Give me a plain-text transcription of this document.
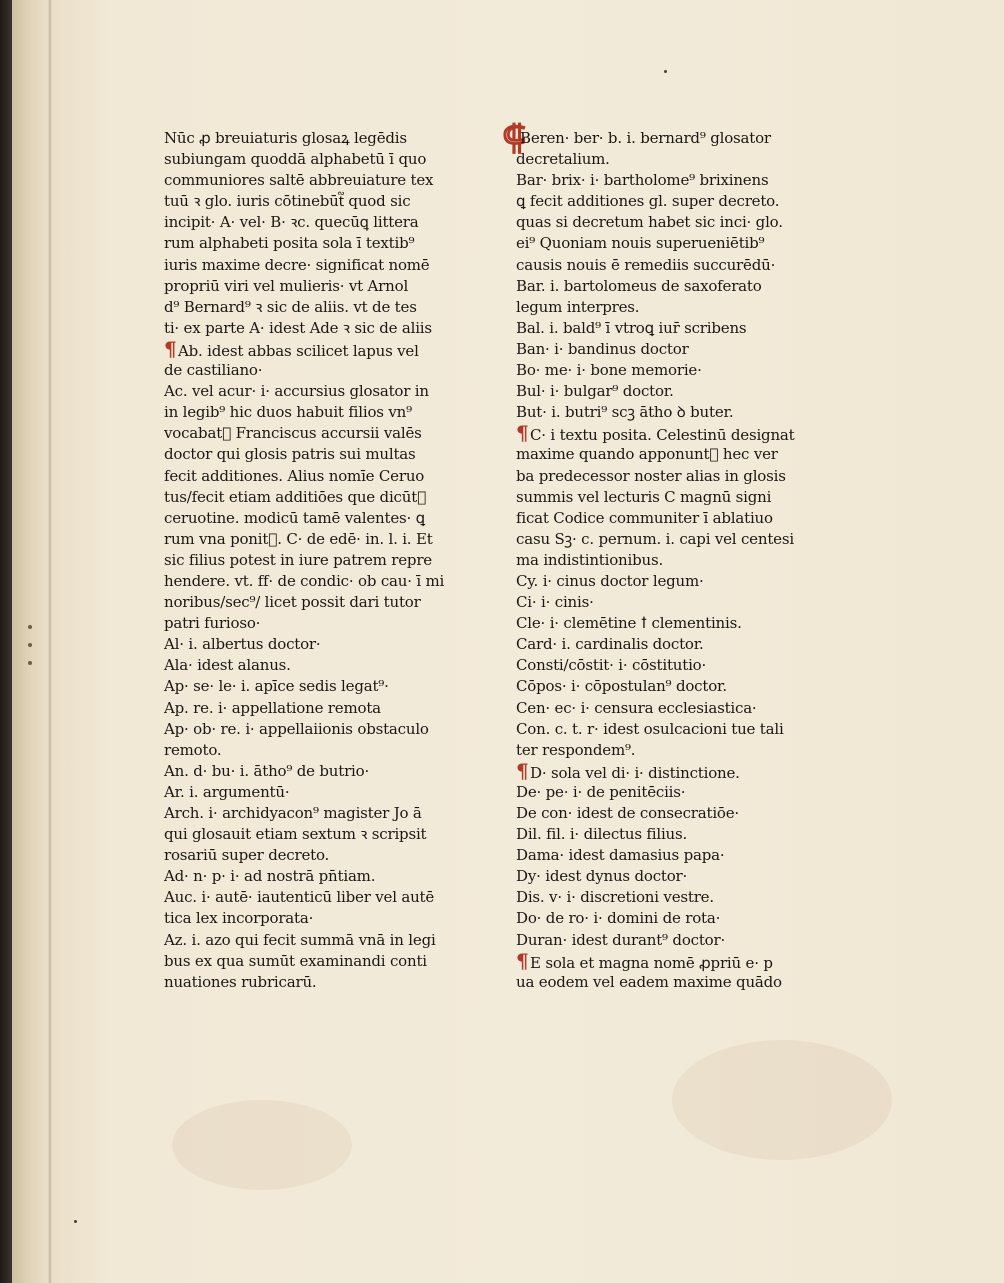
Nūc ꝓ breuiaturis glosaꝝ legēdis
subiungam quoddā alphabetū ī quo
communiores saltē abbreuiature tex
tuū ꝛ glo. iuris cōtinebūt᷑ quod sic
incipit· A· vel· B· ꝛc. quecūꝗ littera
rum alphabeti posita sola ī textib⁹
iuris maxime decre· significat nomē
propriū viri vel mulieris· vt Arnol
d⁹ Bernard⁹ ꝛ sic de aliis. vt de tes
ti· ex parte A· idest Ade ꝛ sic de aliis
¶Ab. idest abbas scilicet lapus vel
de castiliano·
Ac. vel acur· i· accursius glosator in
in legib⁹ hic duos habuit filios vn⁹
vocabat᷑ Franciscus accursii valēs
doctor qui glosis patris sui multas
fecit additiones. Alius nomīe Ceruo
tus/fecit etiam additiōes que dicūt᷑
ceruotine. modicū tamē valentes· ꝗ
rum vna ponit᷑. C· de edē· in. l. i. Et
sic filius potest in iure patrem repre
hendere. vt. ff· de condic· ob cau· ī mi
noribus/sec⁹/ licet possit dari tutor
patri furioso·
Al· i. albertus doctor·
Ala· idest alanus.
Ap· se· le· i. apīce sedis legat⁹·
Ap. re. i· appellatione remota
Ap· ob· re. i· appellaiionis obstaculo
remoto.
An. d· bu· i. ātho⁹ de butrio·
Ar. i. argumentū·
Arch. i· archidyacon⁹ magister Jo ā
qui glosauit etiam sextum ꝛ scripsit
rosariū super decreto.
Ad· n· p· i· ad nostrā pn̄tiam.
Auc. i· autē· iautenticū liber vel autē
tica lex incorporata·
Az. i. azo qui fecit summā vnā in legi
bus ex qua sumūt examinandi conti
nuationes rubricarū.
⸿Beren· ber· b. i. bernard⁹ glosator
decretalium.
Bar· brix· i· bartholome⁹ brixinens
ꝗ fecit additiones gl. super decreto.
quas si decretum habet sic inci· glo.
ei⁹ Quoniam nouis superueniētib⁹
causis nouis ē remediis succurēdū·
Bar. i. bartolomeus de saxoferato
legum interpres.
Bal. i. bald⁹ ī vtroꝗ iur̄ scribens
Ban· i· bandinus doctor
Bo· me· i· bone memorie·
Bul· i· bulgar⁹ doctor.
But· i. butri⁹ scꝫ ātho ꝺ buter.
¶C· i textu posita. Celestinū designat
maxime quando apponunt᷑ hec ver
ba predecessor noster alias in glosis
summis vel lecturis C magnū signi
ficat Codice communiter ī ablatiuo
casu Sꝫ· c. pernum. i. capi vel centesi
ma indistintionibus.
Cy. i· cinus doctor legum·
Ci· i· cinis·
Cle· i· clemētine ꝉ clementinis.
Card· i. cardinalis doctor.
Consti/cōstit· i· cōstitutio·
Cōpos· i· cōpostulan⁹ doctor.
Cen· ec· i· censura ecclesiastica·
Con. c. t. r· idest osulcacioni tue tali
ter respondem⁹.
¶D· sola vel di· i· distinctione.
De· pe· i· de penitēciis·
De con· idest de consecratiōe·
Dil. fil. i· dilectus filius.
Dama· idest damasius papa·
Dy· idest dynus doctor·
Dis. v· i· discretioni vestre.
Do· de ro· i· domini de rota·
Duran· idest durant⁹ doctor·
¶E sola et magna nomē ꝓpriū e· p
ua eodem vel eadem maxime quādo
